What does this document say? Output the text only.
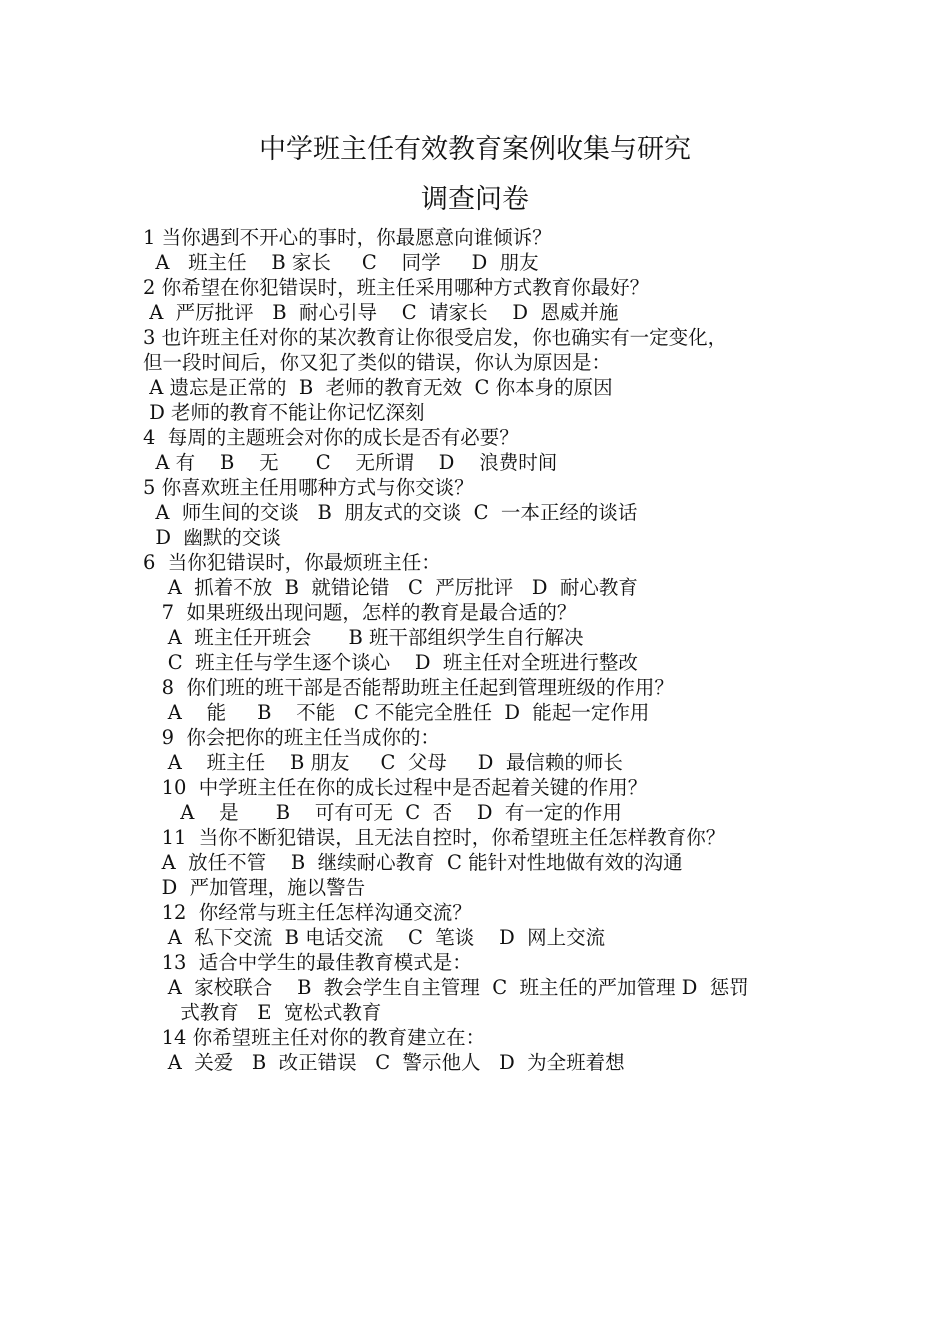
中学班主任有效教育案例收集与研究
调查问卷
1 当你遇到不开心的事时，你最愿意向谁倾诉？
A   班主任    B 家长     C    同学     D  朋友
2 你希望在你犯错误时，班主任采用哪种方式教育你最好？
A  严厉批评   B  耐心引导    C  请家长    D  恩威并施
3 也许班主任对你的某次教育让你很受启发，你也确实有一定变化，
但一段时间后，你又犯了类似的错误，你认为原因是：
A 遗忘是正常的  B  老师的教育无效  C 你本身的原因
D 老师的教育不能让你记忆深刻
4  每周的主题班会对你的成长是否有必要？
A 有    B    无      C    无所谓    D    浪费时间
5 你喜欢班主任用哪种方式与你交谈？
A  师生间的交谈   B  朋友式的交谈  C  一本正经的谈话
D  幽默的交谈
6  当你犯错误时，你最烦班主任：
A  抓着不放  B  就错论错   C  严厉批评   D  耐心教育
7  如果班级出现问题，怎样的教育是最合适的？
A  班主任开班会      B 班干部组织学生自行解决
C  班主任与学生逐个谈心    D  班主任对全班进行整改
8  你们班的班干部是否能帮助班主任起到管理班级的作用？
A    能     B    不能   C 不能完全胜任  D  能起一定作用
9  你会把你的班主任当成你的：
A    班主任    B 朋友     C  父母     D  最信赖的师长
10  中学班主任在你的成长过程中是否起着关键的作用？
A    是      B    可有可无  C  否    D  有一定的作用
11  当你不断犯错误，且无法自控时，你希望班主任怎样教育你？
A  放任不管    B  继续耐心教育  C 能针对性地做有效的沟通
D  严加管理，施以警告
12  你经常与班主任怎样沟通交流？
A  私下交流  B 电话交流    C  笔谈    D  网上交流
13  适合中学生的最佳教育模式是：
A  家校联合    B  教会学生自主管理  C  班主任的严加管理 D  惩罚
式教育   E  宽松式教育
14 你希望班主任对你的教育建立在：
A  关爱   B  改正错误   C  警示他人   D  为全班着想
